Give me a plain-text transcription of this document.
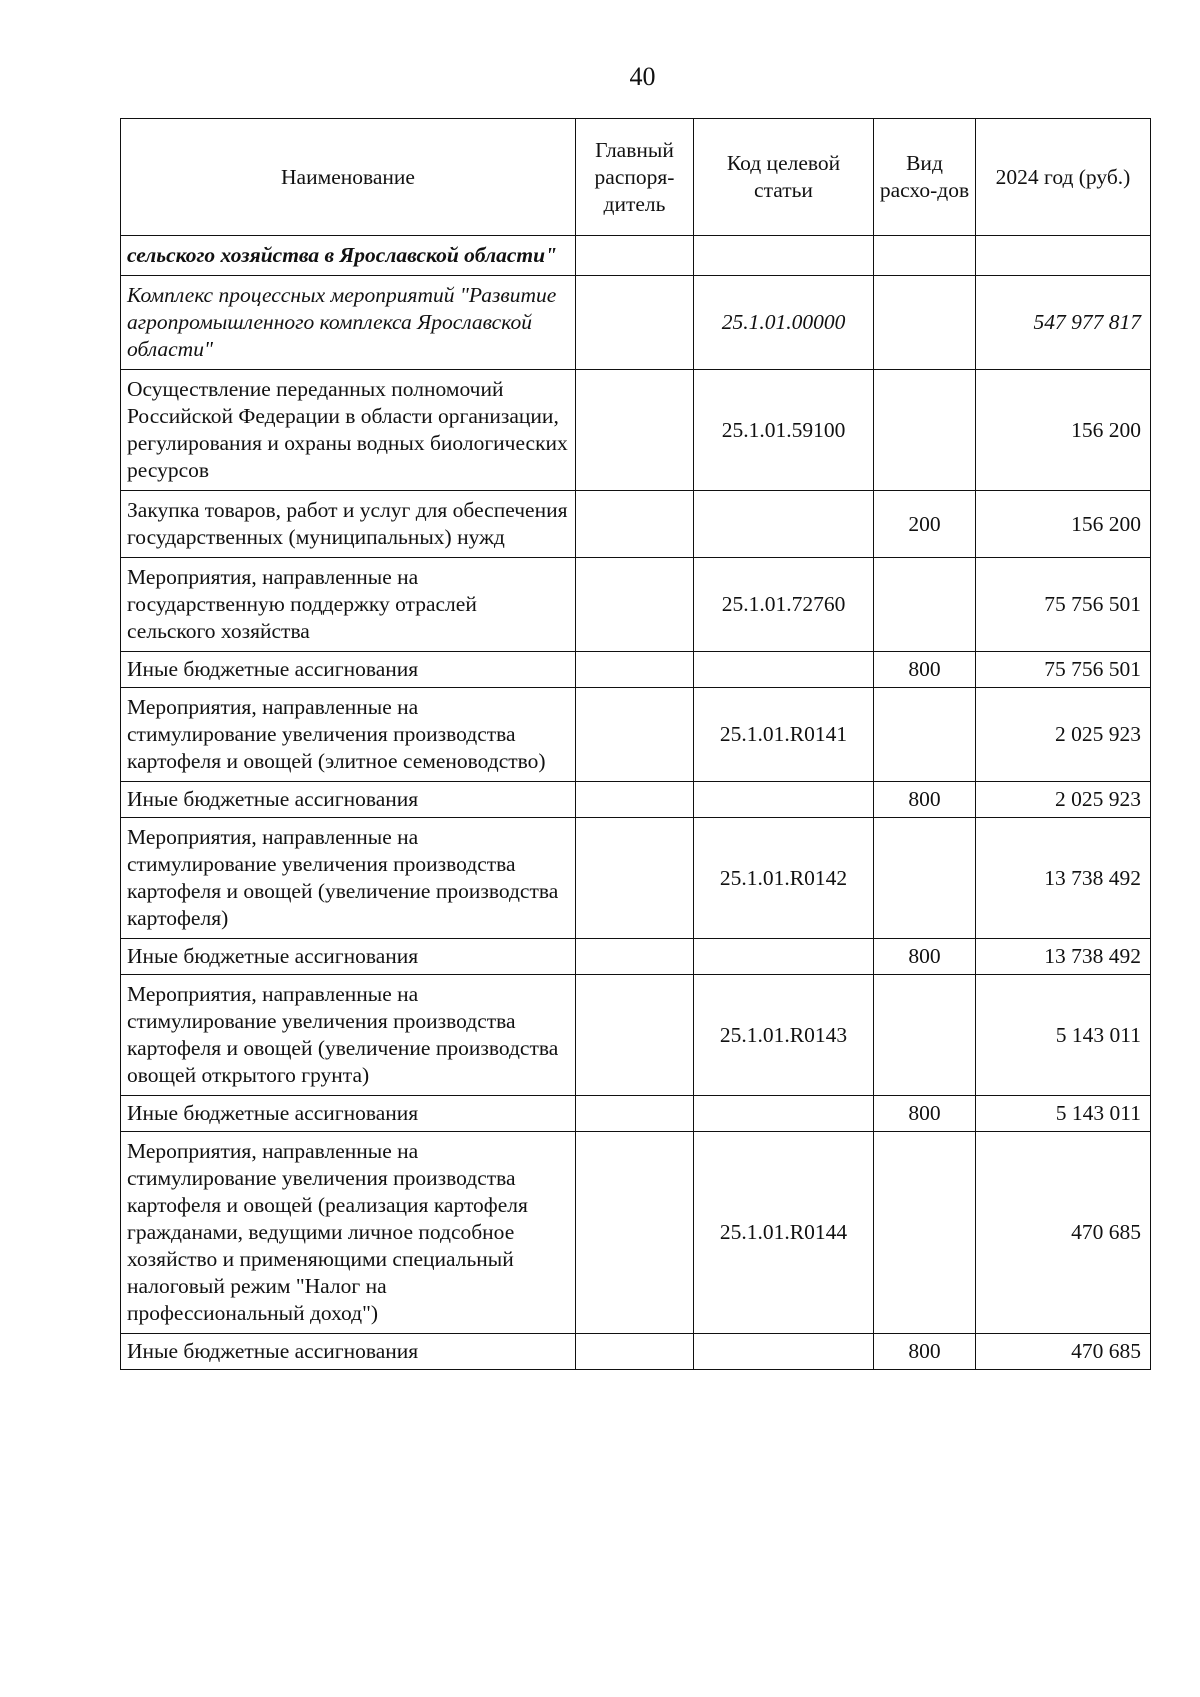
40
Наименование	Главный распоря-дитель	Код целевой статьи	Вид расхо-дов	2024 год (руб.)
сельского хозяйства в Ярославской области"				
Комплекс процессных мероприятий "Развитие агропромышленного комплекса Ярославской области"		25.1.01.00000		547 977 817
Осуществление переданных полномочий Российской Федерации в области организации, регулирования и охраны водных биологических ресурсов		25.1.01.59100		156 200
Закупка товаров, работ и услуг для обеспечения государственных (муниципальных) нужд			200	156 200
Мероприятия, направленные на государственную поддержку отраслей сельского хозяйства		25.1.01.72760		75 756 501
Иные бюджетные ассигнования			800	75 756 501
Мероприятия, направленные на стимулирование увеличения производства картофеля и овощей (элитное семеноводство)		25.1.01.R0141		2 025 923
Иные бюджетные ассигнования			800	2 025 923
Мероприятия, направленные на стимулирование увеличения производства картофеля и овощей (увеличение производства картофеля)		25.1.01.R0142		13 738 492
Иные бюджетные ассигнования			800	13 738 492
Мероприятия, направленные на стимулирование увеличения производства картофеля и овощей (увеличение производства овощей открытого грунта)		25.1.01.R0143		5 143 011
Иные бюджетные ассигнования			800	5 143 011
Мероприятия, направленные на стимулирование увеличения производства картофеля и овощей (реализация картофеля гражданами, ведущими личное подсобное хозяйство и применяющими специальный налоговый режим "Налог на профессиональный доход")		25.1.01.R0144		470 685
Иные бюджетные ассигнования			800	470 685
